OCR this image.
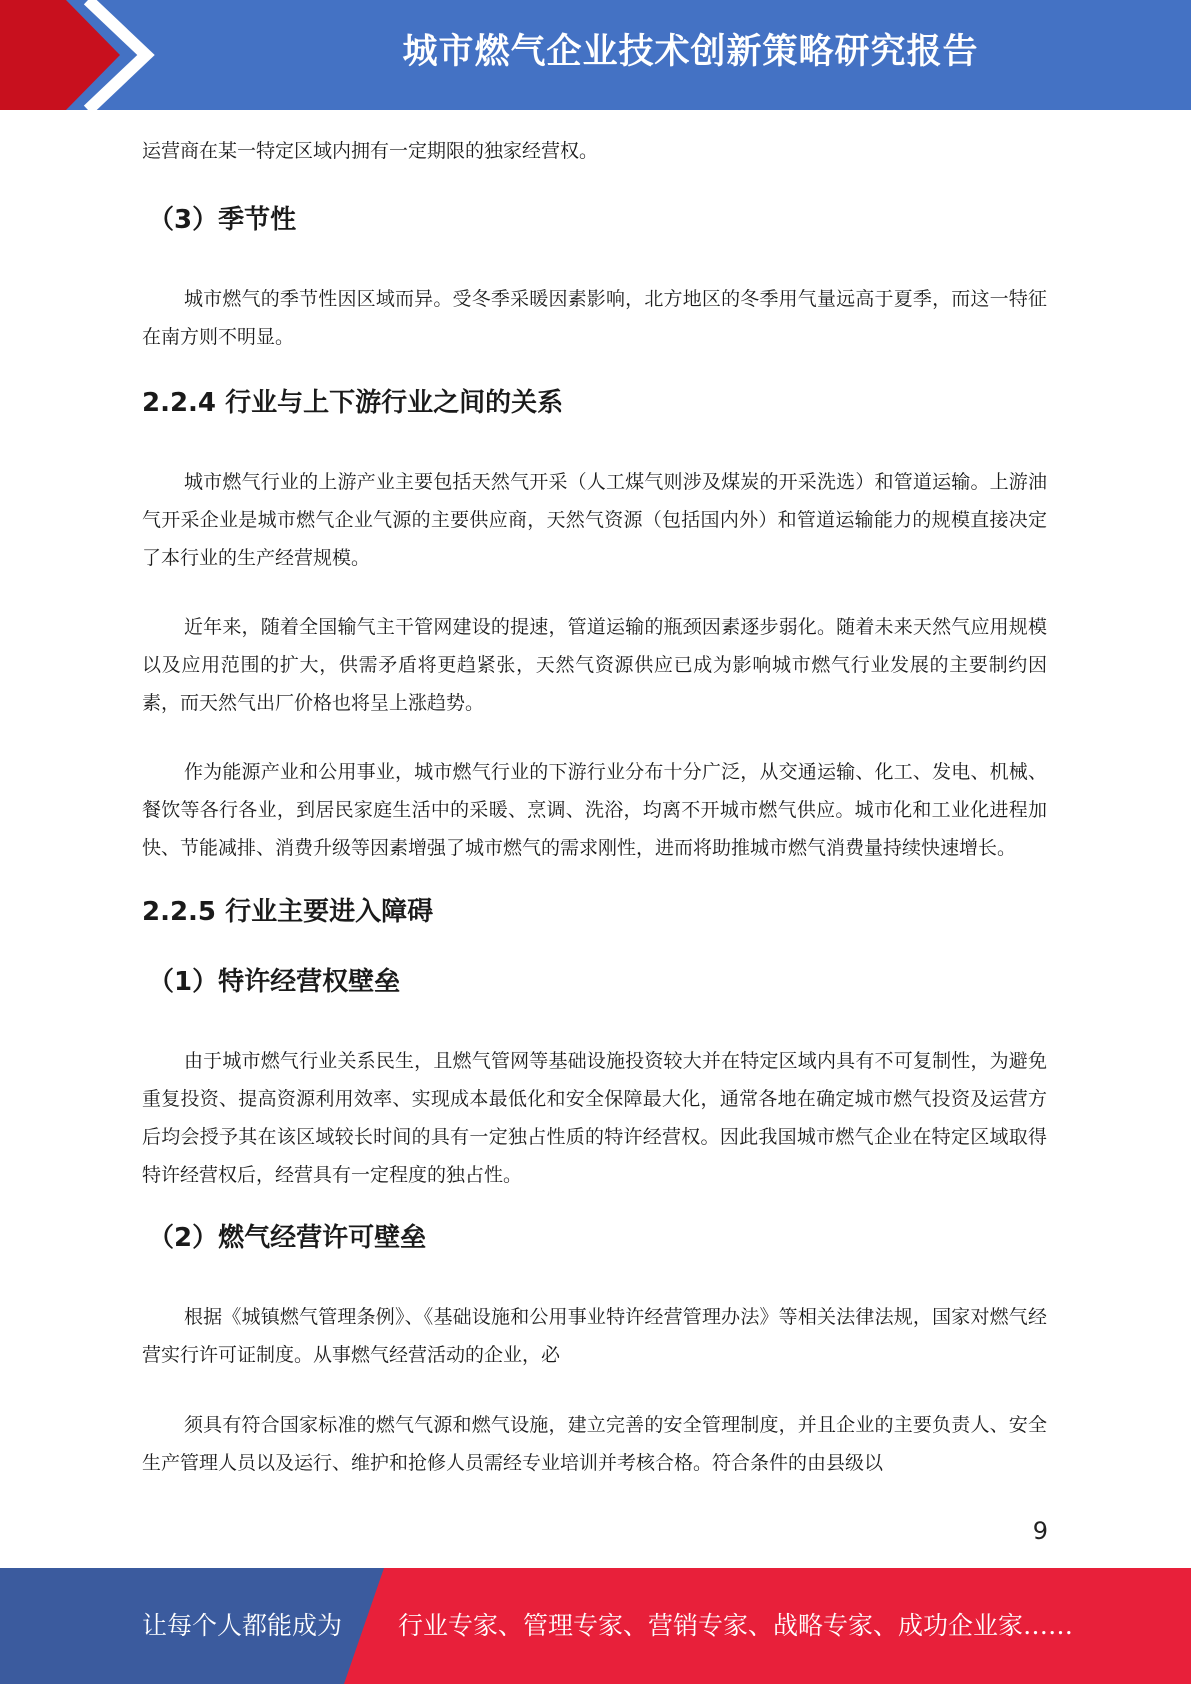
城市燃气企业技术创新策略研究报告

运营商在某一特定区域内拥有一定期限的独家经营权。

（3）季节性

城市燃气的季节性因区域而异。受冬季采暖因素影响，北方地区的冬季用气量远高于夏季，而这一特征在南方则不明显。

2.2.4 行业与上下游行业之间的关系

城市燃气行业的上游产业主要包括天然气开采（人工煤气则涉及煤炭的开采洗选）和管道运输。上游油气开采企业是城市燃气企业气源的主要供应商，天然气资源（包括国内外）和管道运输能力的规模直接决定了本行业的生产经营规模。

近年来，随着全国输气主干管网建设的提速，管道运输的瓶颈因素逐步弱化。随着未来天然气应用规模以及应用范围的扩大，供需矛盾将更趋紧张，天然气资源供应已成为影响城市燃气行业发展的主要制约因素，而天然气出厂价格也将呈上涨趋势。

作为能源产业和公用事业，城市燃气行业的下游行业分布十分广泛，从交通运输、化工、发电、机械、餐饮等各行各业，到居民家庭生活中的采暖、烹调、洗浴，均离不开城市燃气供应。城市化和工业化进程加快、节能减排、消费升级等因素增强了城市燃气的需求刚性，进而将助推城市燃气消费量持续快速增长。

2.2.5 行业主要进入障碍
（1）特许经营权壁垒

由于城市燃气行业关系民生，且燃气管网等基础设施投资较大并在特定区域内具有不可复制性，为避免重复投资、提高资源利用效率、实现成本最低化和安全保障最大化，通常各地在确定城市燃气投资及运营方后均会授予其在该区域较长时间的具有一定独占性质的特许经营权。因此我国城市燃气企业在特定区域取得特许经营权后，经营具有一定程度的独占性。

（2）燃气经营许可壁垒

根据《城镇燃气管理条例》、《基础设施和公用事业特许经营管理办法》等相关法律法规，国家对燃气经营实行许可证制度。从事燃气经营活动的企业，必

须具有符合国家标准的燃气气源和燃气设施，建立完善的安全管理制度，并且企业的主要负责人、安全生产管理人员以及运行、维护和抢修人员需经专业培训并考核合格。符合条件的由县级以

9
让每个人都能成为 行业专家、管理专家、营销专家、战略专家、成功企业家……
